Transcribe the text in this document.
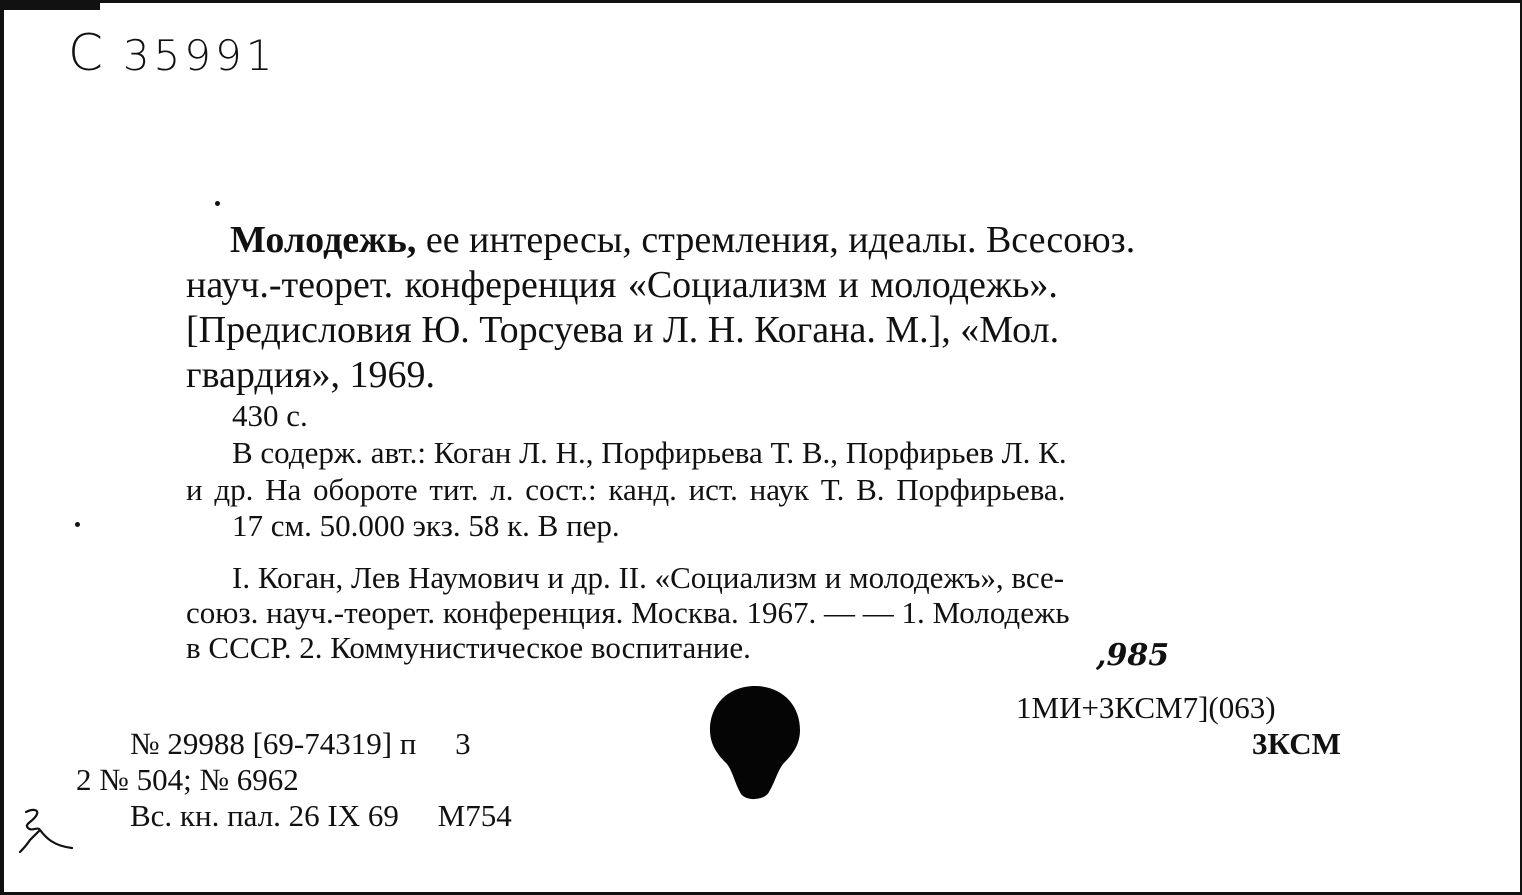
C 35991
Молодежь, ее интересы, стремления, идеалы. Всесоюз.
науч.-теорет. конференция «Социализм и молодежь».
[Предисловия Ю. Торсуева и Л. Н. Когана. М.], «Мол.
гвардия», 1969.
430 с.
В содерж. авт.: Коган Л. Н., Порфирьева Т. В., Порфирьев Л. К.
и др. На обороте тит. л. сост.: канд. ист. наук Т. В. Порфирьева.
17 см. 50.000 экз. 58 к. В пер.
I. Коган, Лев Наумович и др. II. «Социализм и молодежъ», все-
союз. науч.-теорет. конференция. Москва. 1967. — — 1. Молодежь
в СССР. 2. Коммунистическое воспитание.	,985
1МИ+3КСМ7](063)
3КСМ
№ 29988 [69-74319] п     3
2 № 504; № 6962
Вс. кн. пал. 26 IX 69     М754
